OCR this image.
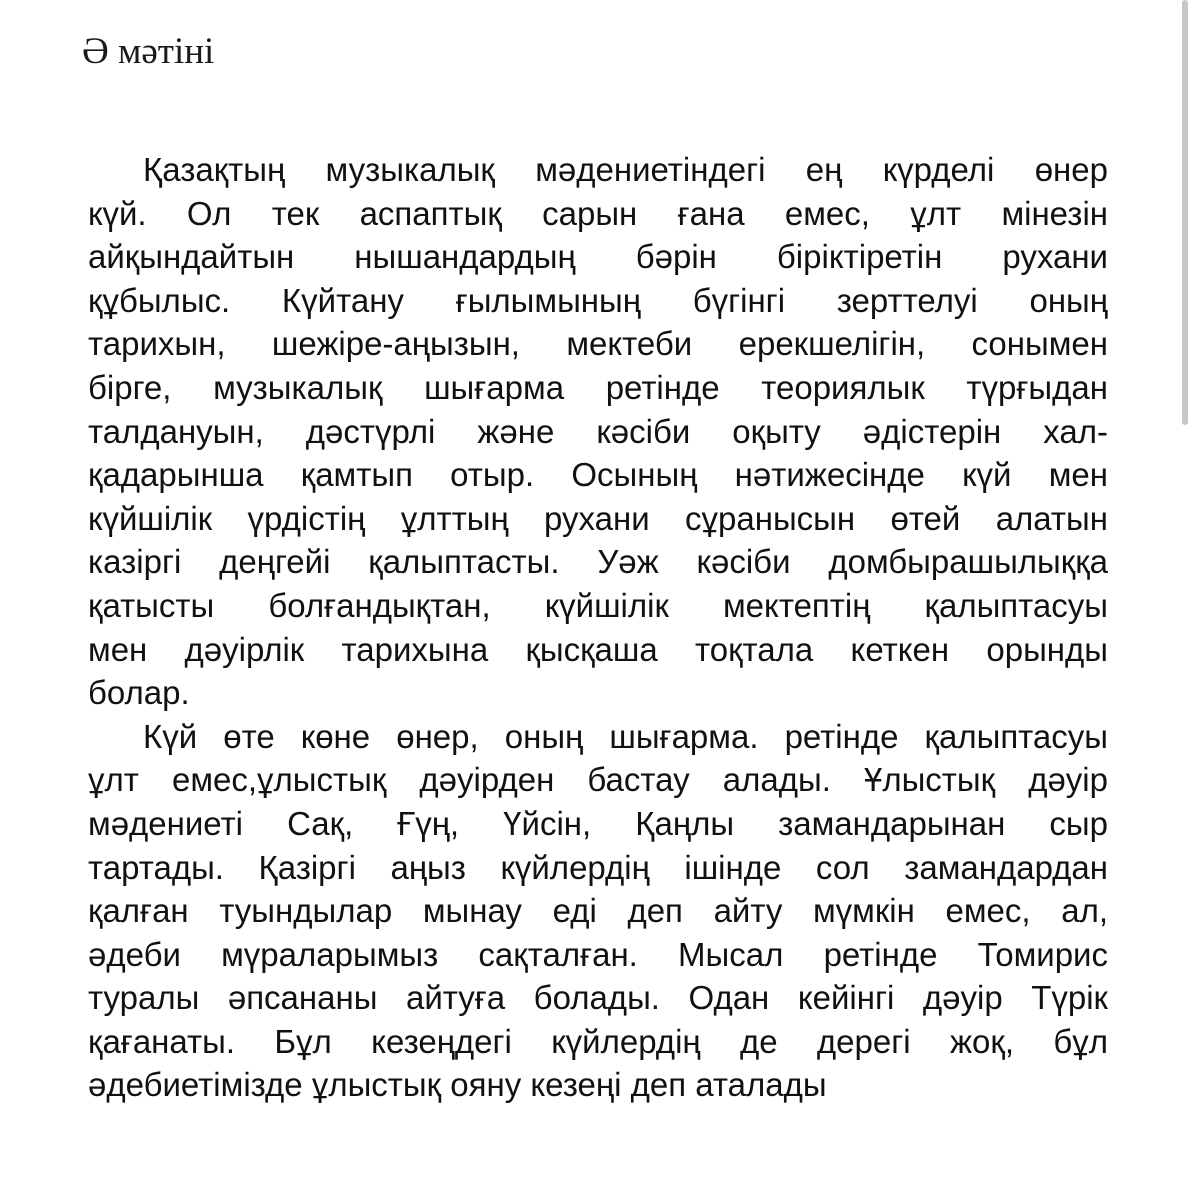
Ә мәтіні

Қазақтың музыкалық мәдениетіндегі ең күрделі өнер
күй. Ол тек аспаптық сарын ғана емес, ұлт мінезін
айқындайтын нышандардың бәрін біріктіретін рухани
құбылыс. Күйтану ғылымының бүгінгі зерттелуі оның
тарихын, шежіре-аңызын, мектеби ерекшелігін, сонымен
бірге, музыкалық шығарма ретінде теориялык түрғыдан
талдануын, дәстүрлі және кәсіби оқыту әдістерін хал-
қадарынша қамтып отыр. Осының нәтижесінде күй мен
күйшілік үрдістің ұлттың рухани сұранысын өтей алатын
казіргі деңгейі қалыптасты. Уәж кәсіби домбырашылыққа
қатысты болғандықтан, күйшілік мектептің қалыптасуы
мен дәуірлік тарихына қысқаша тоқтала кеткен орынды
болар.

Күй өте көне өнер, оның шығарма. ретінде қалыптасуы
ұлт емес,ұлыстық дәуірден бастау алады. Ұлыстық дәуір
мәдениеті Сақ, Ғүң, Үйсін, Қаңлы замандарынан сыр
тартады. Қазіргі аңыз күйлердің ішінде сол замандардан
қалған туындылар мынау еді деп айту мүмкін емес, ал,
әдеби мүраларымыз сақталған. Мысал ретінде Томирис
туралы әпсананы айтуға болады. Одан кейінгі дәуір Түрік
қағанаты. Бұл кезеңдегі күйлердің де дерегі жоқ, бұл
әдебиетімізде ұлыстық ояну кезеңі деп аталады
